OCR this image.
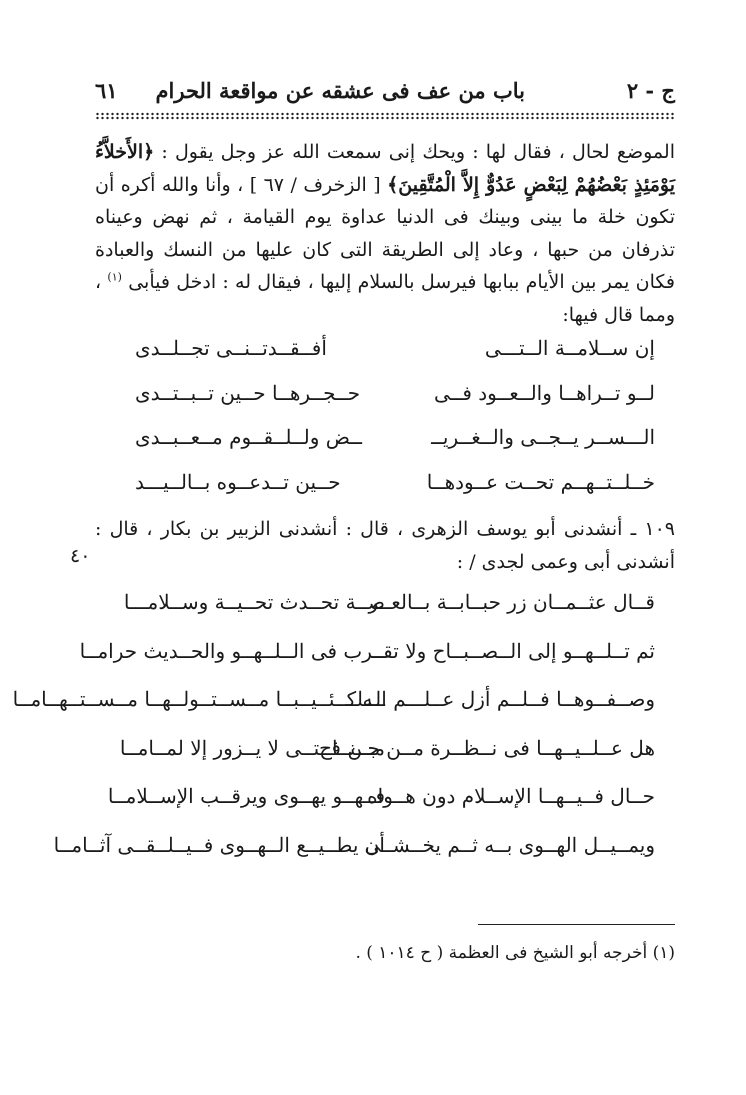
ج - ٢
باب من عف فى عشقه عن مواقعة الحرام
٦١
الموضع لحال ، فقال لها : ويحك إنى سمعت الله عز وجل يقول : ﴿الأَخلاَّءُ يَوْمَئِذٍ بَعْضُهُمْ لِبَعْضٍ عَدُوٌّ إِلاَّ الْمُتَّقِينَ﴾ [ الزخرف / ٦٧ ] ، وأنا والله أكره أن تكون خلة ما بينى وبينك فى الدنيا عداوة يوم القيامة ، ثم نهض وعيناه تذرفان من حبها ، وعاد إلى الطريقة التى كان عليها من النسك والعبادة فكان يمر بين الأيام ببابها فيرسل بالسلام إليها ، فيقال له : ادخل فيأبى $^{(١)}$ ، ومما قال فيها:
إن ســلامــة الــتـــى
أفــقــدتــنــى تجــلــدى
لــو تــراهــا والــعــود فــى
حــجــرهــا حــين تــبــتــدى
الـــســر يــجــى والــغــريــ
ــض ولــلــقــوم مــعــبــدى
خــلــتــهــم تحــت عــودهــا
حــين تــدعــوه بــالــيـــد
١٠٩ ـ أنشدنى أبو يوسف الزهرى ، قال : أنشدنى الزبير بن بكار ، قال : أنشدنى أبى وعمى لجدى / :
٤٠
قــال عثــمــان زر حبــابــة بــالعــر
صــة تحــدث تحــيــة وســلامـــا
ثم تــلــهــو إلى الــصــبــاح ولا تقــ
ــرب فى الــلــهــو والحــديث حرامــا
وصــفــوهــا فــلــم أزل عــلـــم الــلــ
ــه كــئــيــبــا مــســتــولــهــا مــســتــهــامــا
هل عــلــيــهــا فى نــظــرة مــن جــنــاح
مــن فــتــى لا يــزور إلا لمــامــا
حــال فــيــهــا الإســلام دون هــواه
فــهــو يهــوى ويرقــب الإســلامــا
ويمــيــل الهــوى بــه ثــم يخــشــى
أن يطــيــع الــهــوى فــيــلــقــى آثــامــا
(١) أخرجه أبو الشيخ فى العظمة ( ح ١٠١٤ ) .
